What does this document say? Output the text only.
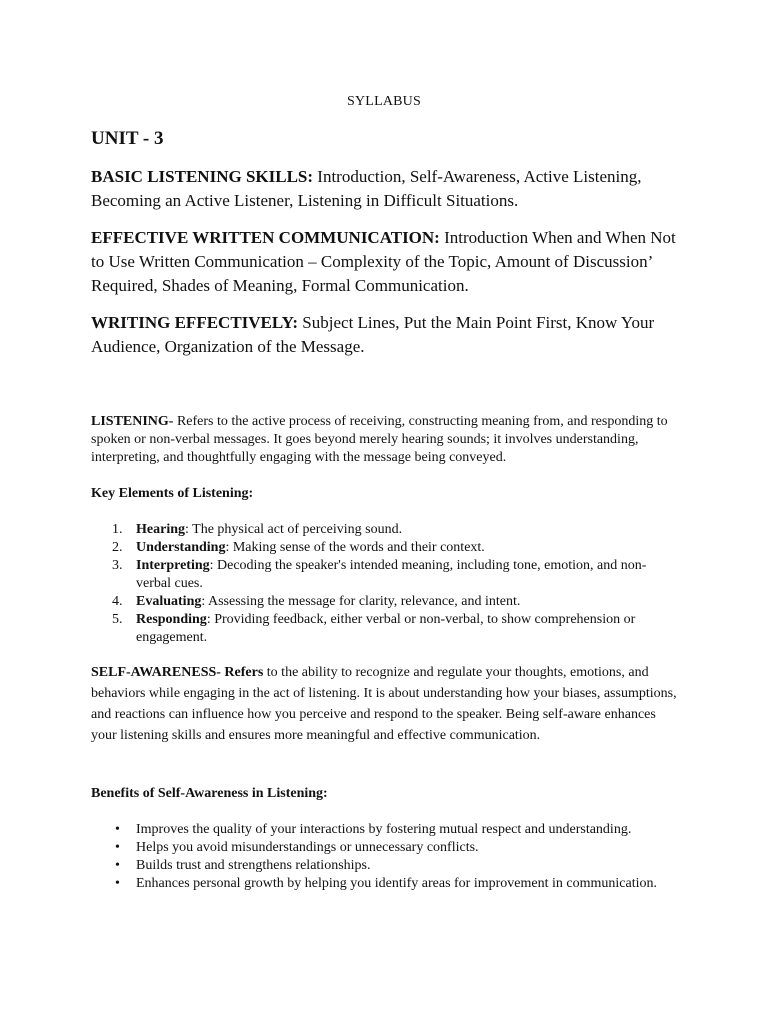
SYLLABUS
UNIT - 3
BASIC LISTENING SKILLS: Introduction, Self-Awareness, Active Listening, Becoming an Active Listener, Listening in Difficult Situations.
EFFECTIVE WRITTEN COMMUNICATION: Introduction When and When Not to Use Written Communication – Complexity of the Topic, Amount of Discussion’ Required, Shades of Meaning, Formal Communication.
WRITING EFFECTIVELY: Subject Lines, Put the Main Point First, Know Your Audience, Organization of the Message.
LISTENING- Refers to the active process of receiving, constructing meaning from, and responding to spoken or non-verbal messages. It goes beyond merely hearing sounds; it involves understanding, interpreting, and thoughtfully engaging with the message being conveyed.
Key Elements of Listening:
1. Hearing: The physical act of perceiving sound.
2. Understanding: Making sense of the words and their context.
3. Interpreting: Decoding the speaker's intended meaning, including tone, emotion, and non-verbal cues.
4. Evaluating: Assessing the message for clarity, relevance, and intent.
5. Responding: Providing feedback, either verbal or non-verbal, to show comprehension or engagement.
SELF-AWARENESS- Refers to the ability to recognize and regulate your thoughts, emotions, and behaviors while engaging in the act of listening. It is about understanding how your biases, assumptions, and reactions can influence how you perceive and respond to the speaker. Being self-aware enhances your listening skills and ensures more meaningful and effective communication.
Benefits of Self-Awareness in Listening:
• Improves the quality of your interactions by fostering mutual respect and understanding.
• Helps you avoid misunderstandings or unnecessary conflicts.
• Builds trust and strengthens relationships.
• Enhances personal growth by helping you identify areas for improvement in communication.
